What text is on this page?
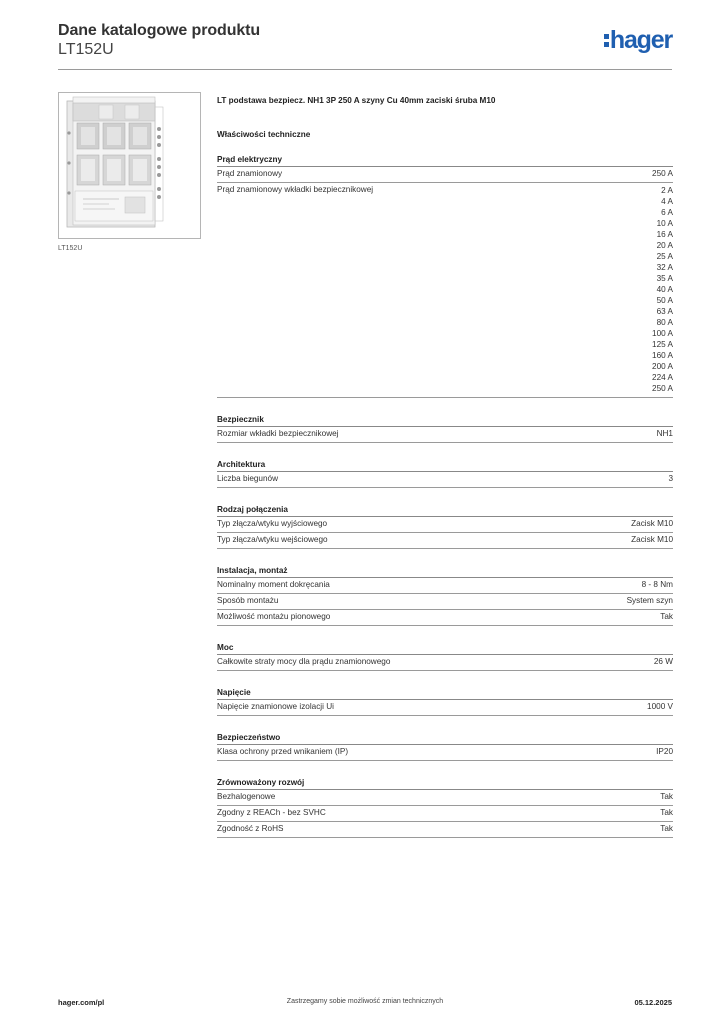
Dane katalogowe produktu
LT152U	hager
LT152U
LT podstawa bezpiecz. NH1 3P 250 A szyny Cu 40mm zaciski śruba M10
Właściwości techniczne
Prąd elektryczny
Prąd znamionowy	250 A
Prąd znamionowy wkładki bezpiecznikowej	2 A
4 A
6 A
10 A
16 A
20 A
25 A
32 A
35 A
40 A
50 A
63 A
80 A
100 A
125 A
160 A
200 A
224 A
250 A
Bezpiecznik
Rozmiar wkładki bezpiecznikowej	NH1
Architektura
Liczba biegunów	3
Rodzaj połączenia
Typ złącza/wtyku wyjściowego	Zacisk M10
Typ złącza/wtyku wejściowego	Zacisk M10
Instalacja, montaż
Nominalny moment dokręcania	8 - 8 Nm
Sposób montażu	System szyn
Możliwość montażu pionowego	Tak
Moc
Całkowite straty mocy dla prądu znamionowego	26 W
Napięcie
Napięcie znamionowe izolacji Ui	1000 V
Bezpieczeństwo
Klasa ochrony przed wnikaniem (IP)	IP20
Zrównoważony rozwój
Bezhalogenowe	Tak
Zgodny z REACh - bez SVHC	Tak
Zgodność z RoHS	Tak
hager.com/pl	Zastrzegamy sobie możliwość zmian technicznych	05.12.2025
